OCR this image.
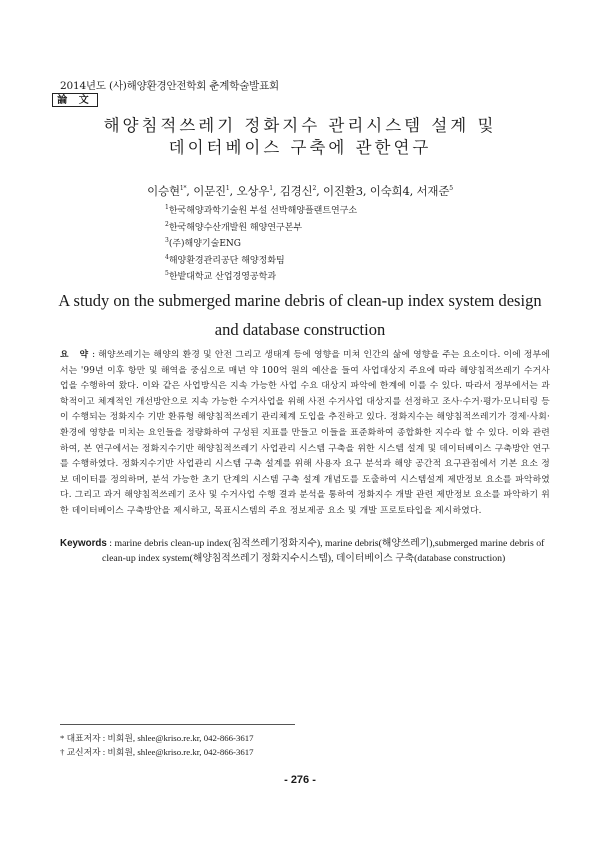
2014년도 (사)해양환경안전학회 춘계학술발표회
論 文
해양침적쓰레기 정화지수 관리시스템 설계 및
데이터베이스 구축에 관한연구
이승현$^{1*}$, 이문진$^1$, 오상우$^1$, 김경신$^2$, 이진환3, 이숙희4, 서재준$^5$
$^1$한국해양과학기술원 부설 선박해양플랜트연구소
$^2$한국해양수산개발원 해양연구본부
$^3$(주)해양기술ENG
$^4$해양환경관리공단 해양정화팀
$^5$한밭대학교 산업경영공학과
A study on the submerged marine debris of clean-up index system design
and database construction
요 약: 해양쓰레기는 해양의 환경 및 안전 그리고 생태계 등에 영향을 미쳐 인간의 삶에 영향을 주는 요소이다. 이에 정부에서는 '99년 이후 항만 및 해역을 중심으로 매년 약 100억 원의 예산을 들여 사업대상지 주요에 따라 해양침적쓰레기 수거사업을 수행하여 왔다. 이와 같은 사업방식은 지속 가능한 사업 수요 대상지 파악에 한계에 이를 수 있다. 따라서 정부에서는 과학적이고 체계적인 개선방안으로 지속 가능한 수거사업을 위해 사전 수거사업 대상지를 선정하고 조사·수거·평가·모니터링 등이 수행되는 정화지수 기반 환류형 해양침적쓰레기 관리체계 도입을 추진하고 있다. 정화지수는 해양침적쓰레기가 경제·사회·환경에 영향을 미치는 요인들을 정량화하여 구성된 지표를 만들고 이들을 표준화하여 종합화한 지수라 할 수 있다. 이와 관련하여, 본 연구에서는 정화지수기반 해양침적쓰레기 사업관리 시스템 구축을 위한 시스템 설계 및 데이터베이스 구축방안 연구를 수행하였다. 정화지수기반 사업관리 시스템 구축 설계를 위해 사용자 요구 분석과 해양 공간적 요구관점에서 기본 요소 정보 데이터를 정의하며, 분석 가능한 초기 단계의 시스템 구축 설계 개념도를 도출하여 시스템설계 제반정보 요소를 파악하였다. 그리고 과거 해양침적쓰레기 조사 및 수거사업 수행 결과 분석을 통하여 정화지수 개발 관련 제반정보 요소를 파악하기 위한 데이터베이스 구축방안을 제시하고, 목표시스템의 주요 정보제공 요소 및 개발 프로토타입을 제시하였다.
Keywords : marine debris clean-up index(침적쓰레기정화지수), marine debris(해양쓰레기),submerged marine debris of
clean-up index system(해양침적쓰레기 정화지수시스템), 데이터베이스 구축(database construction)
* 대표저자 : 비회원, shlee@kriso.re.kr, 042-866-3617
† 교신저자 : 비회원, shlee@kriso.re.kr, 042-866-3617
- 276 -
